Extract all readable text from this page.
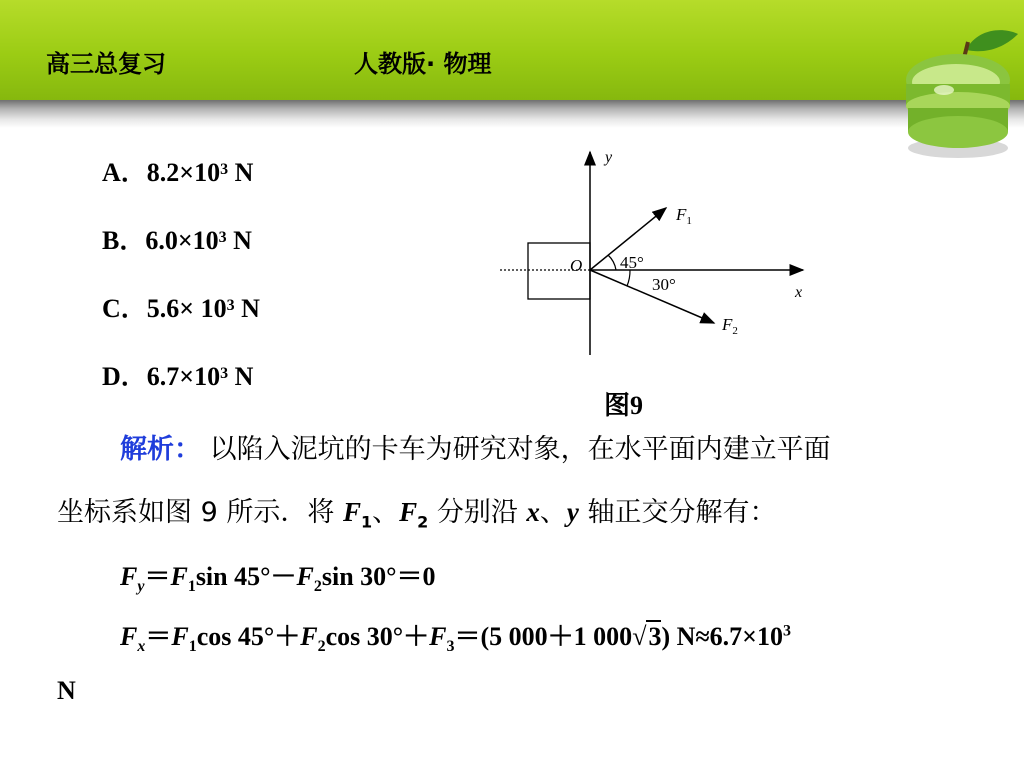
高三总复习	人教版· 物理
A．$8.2\times 10^3$ N
B．$6.0\times 10^3$ N
C．$5.6\times 10^3$ N
D．$6.7\times 10^3$ N
y
x
O 45°
30°
$F_1$
$F_2$
图9
解析： 以陷入泥坑的卡车为研究对象，在水平面内建立平面
坐标系如图 9 所示．将 $F_1$、$F_2$ 分别沿 x、y 轴正交分解有：
$F_y=F_1\sin$ $45^\circ-F_2\sin$ 30°＝0
$F_x=F_1\cos$ $45^\circ+F_2\cos$ $30^\circ+F_3=(5$ 000＋1 000√3) $N\approx 6.7\times 10^3$
N
